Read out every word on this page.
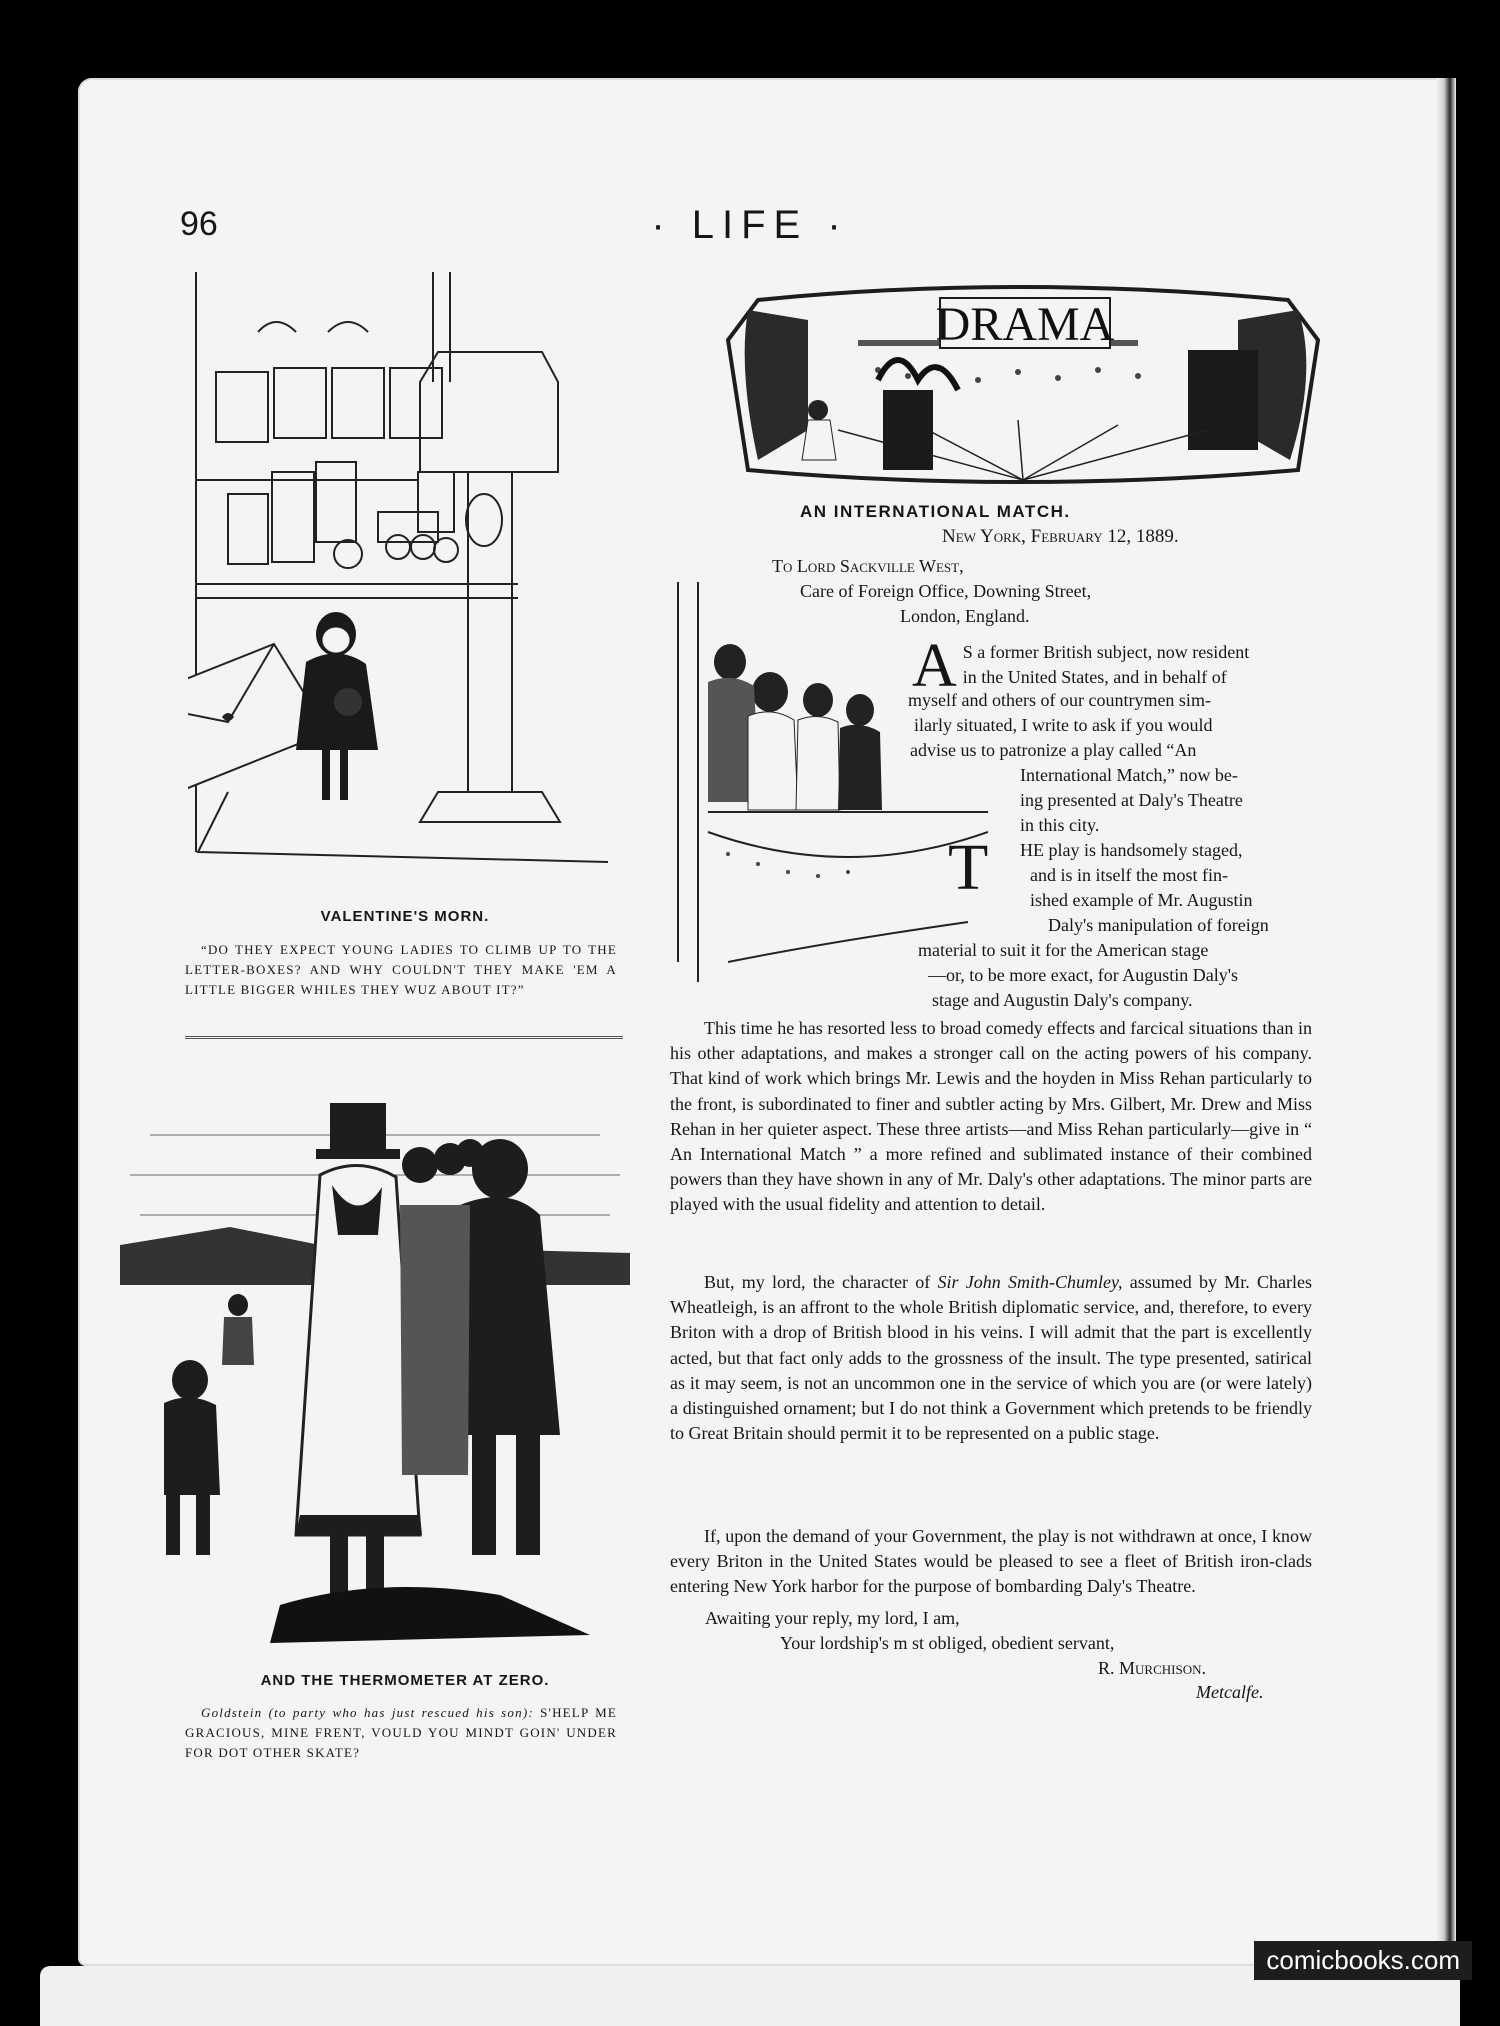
96	· LIFE ·
VALENTINE'S MORN.
“DO THEY EXPECT YOUNG LADIES TO CLIMB UP TO THE LETTER-BOXES? AND WHY COULDN'T THEY MAKE 'EM A LITTLE BIGGER WHILES THEY WUZ ABOUT IT?”
F.M.HOWARTH
AND THE THERMOMETER AT ZERO.
Goldstein (to party who has just rescued his son): S'HELP ME GRACIOUS, MINE FRENT, VOULD YOU MINDT GOIN' UNDER FOR DOT OTHER SKATE?
DRAMA
AN INTERNATIONAL MATCH.
New York, February 12, 1889.
To Lord Sackville West,
Care of Foreign Office, Downing Street,
London, England.
A S a former British subject, now resident
in the United States, and in behalf of
myself and others of our countrymen sim-
ilarly situated, I write to ask if you would
advise us to patronize a play called “An
International Match,” now be-
ing presented at Daly's Theatre
in this city.
T HE play is handsomely staged,
and is in itself the most fin-
ished example of Mr. Augustin
Daly's manipulation of foreign
material to suit it for the American stage
—or, to be more exact, for Augustin Daly's
stage and Augustin Daly's company.
This time he has resorted less to broad comedy effects and farcical situations than in his other adaptations, and makes a stronger call on the acting powers of his company. That kind of work which brings Mr. Lewis and the hoyden in Miss Rehan particularly to the front, is subordinated to finer and subtler acting by Mrs. Gilbert, Mr. Drew and Miss Rehan in her quieter aspect. These three artists—and Miss Rehan particularly—give in “ An International Match ” a more refined and sublimated instance of their combined powers than they have shown in any of Mr. Daly's other adaptations. The minor parts are played with the usual fidelity and attention to detail.
But, my lord, the character of Sir John Smith-Chumley, assumed by Mr. Charles Wheatleigh, is an affront to the whole British diplomatic service, and, therefore, to every Briton with a drop of British blood in his veins. I will admit that the part is excellently acted, but that fact only adds to the grossness of the insult. The type presented, satirical as it may seem, is not an uncommon one in the service of which you are (or were lately) a distinguished ornament; but I do not think a Government which pretends to be friendly to Great Britain should permit it to be represented on a public stage.
If, upon the demand of your Government, the play is not withdrawn at once, I know every Briton in the United States would be pleased to see a fleet of British iron-clads entering New York harbor for the purpose of bombarding Daly's Theatre.
Awaiting your reply, my lord, I am,
Your lordship's m st obliged, obedient servant,
R. Murchison.
Metcalfe.
comicbooks.com
